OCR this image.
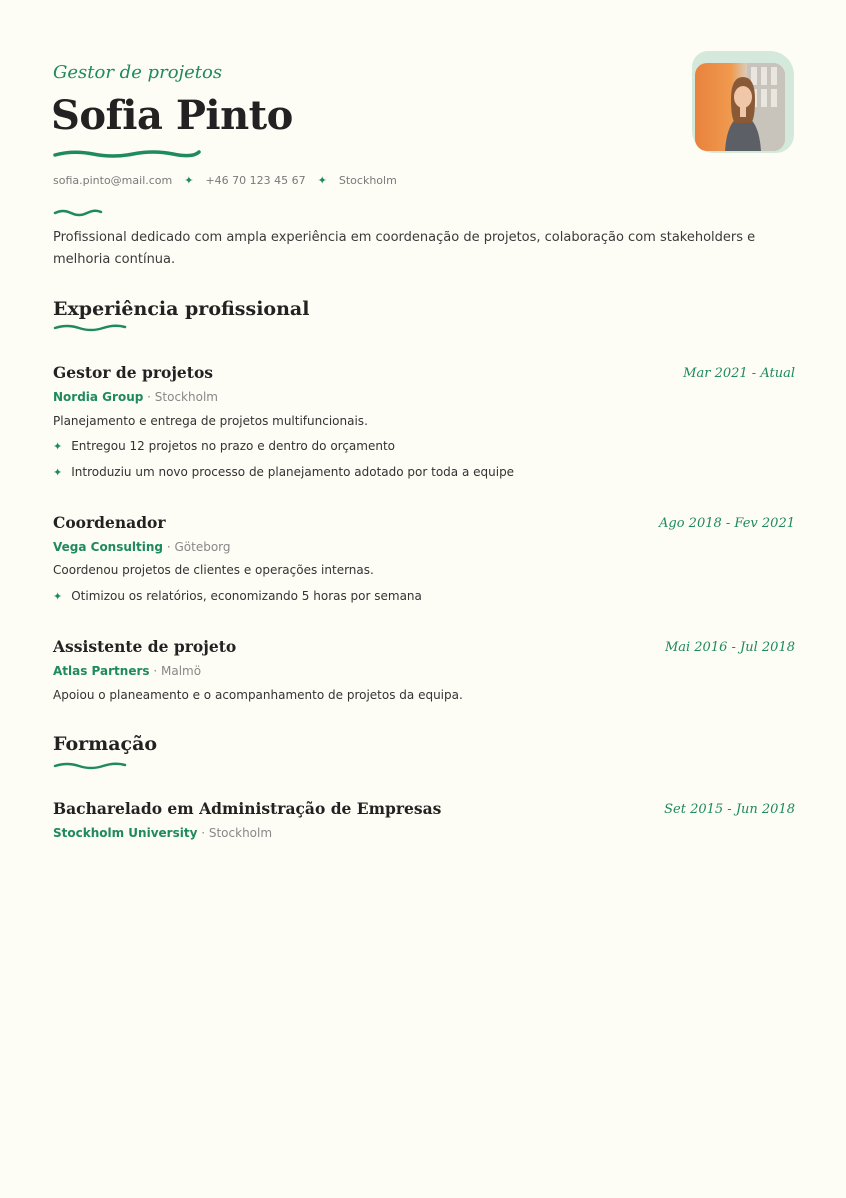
Gestor de projetos
Sofia Pinto
sofia.pinto@mail.com ✦ +46 70 123 45 67 ✦ Stockholm

Profissional dedicado com ampla experiência em coordenação de projetos, colaboração com stakeholders e melhoria contínua.

Experiência profissional
Gestor de projetos	Mar 2021 - Atual
Nordia Group · Stockholm
Planejamento e entrega de projetos multifuncionais.
✦ Entregou 12 projetos no prazo e dentro do orçamento
✦ Introduziu um novo processo de planejamento adotado por toda a equipe
Coordenador	Ago 2018 - Fev 2021
Vega Consulting · Göteborg
Coordenou projetos de clientes e operações internas.
✦ Otimizou os relatórios, economizando 5 horas por semana
Assistente de projeto	Mai 2016 - Jul 2018
Atlas Partners · Malmö
Apoiou o planeamento e o acompanhamento de projetos da equipa.
Formação
Bacharelado em Administração de Empresas	Set 2015 - Jun 2018
Stockholm University · Stockholm
